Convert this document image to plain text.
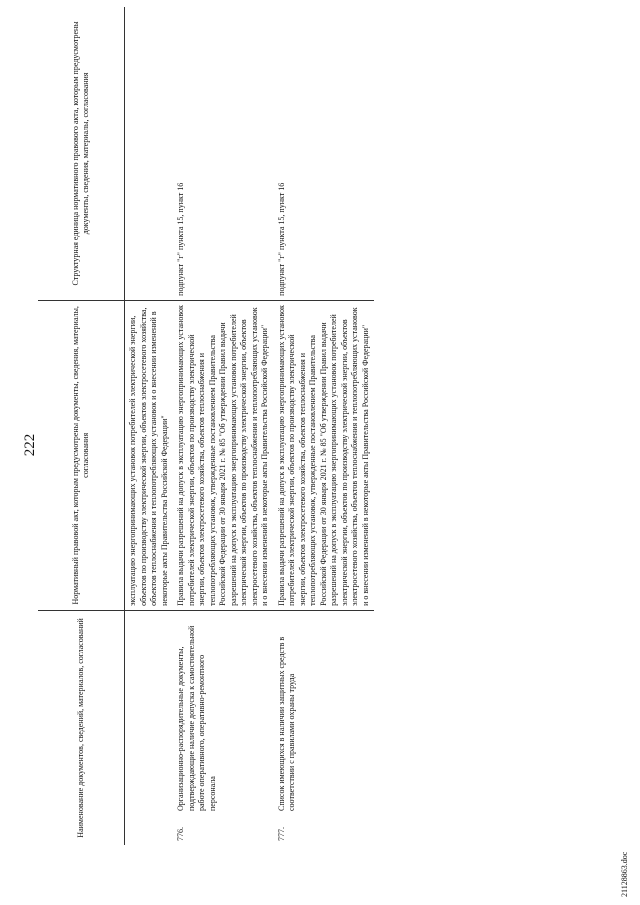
222
Наименование документов, сведений, материалов, согласований	Нормативный правовой акт, которым предусмотрены документы, сведения, материалы, согласования	Структурная единица нормативного правового акта, которым предусмотрены документы, сведения, материалы, согласования
	эксплуатацию энергопринимающих установок потребителей электрической энергии, объектов по производству электрической энергии, объектов электросетевого хозяйства, объектов теплоснабжения и теплопотребляющих установок и о внесении изменений в некоторые акты Правительства Российской Федерации"	
776.Организационно-распорядительные документы, подтверждающие наличие допуска к самостоятельной работе оперативного, оперативно-ремонтного персонала	Правила выдачи разрешений на допуск в эксплуатацию энергопринимающих установок потребителей электрической энергии, объектов по производству электрической энергии, объектов электросетевого хозяйства, объектов теплоснабжения и теплопотребляющих установок, утвержденные постановлением Правительства Российской Федерации от 30 января 2021 г. № 85 "Об утверждении Правил выдачи разрешений на допуск в эксплуатацию энергопринимающих установок потребителей электрической энергии, объектов по производству электрической энергии, объектов электросетевого хозяйства, объектов теплоснабжения и теплопотребляющих установок и о внесении изменений в некоторые акты Правительства Российской Федерации"	подпункт "г" пункта 15, пункт 16
777.Список имеющихся в наличии защитных средств в соответствии с правилами охраны труда	Правила выдачи разрешений на допуск в эксплуатацию энергопринимающих установок потребителей электрической энергии, объектов по производству электрической энергии, объектов электросетевого хозяйства, объектов теплоснабжения и теплопотребляющих установок, утвержденные постановлением Правительства Российской Федерации от 30 января 2021 г. № 85 "Об утверждении Правил выдачи разрешений на допуск в эксплуатацию энергопринимающих установок потребителей электрической энергии, объектов по производству электрической энергии, объектов электросетевого хозяйства, объектов теплоснабжения и теплопотребляющих установок и о внесении изменений в некоторые акты Правительства Российской Федерации"	подпункт "г" пункта 15, пункт 16
21128863.doc
